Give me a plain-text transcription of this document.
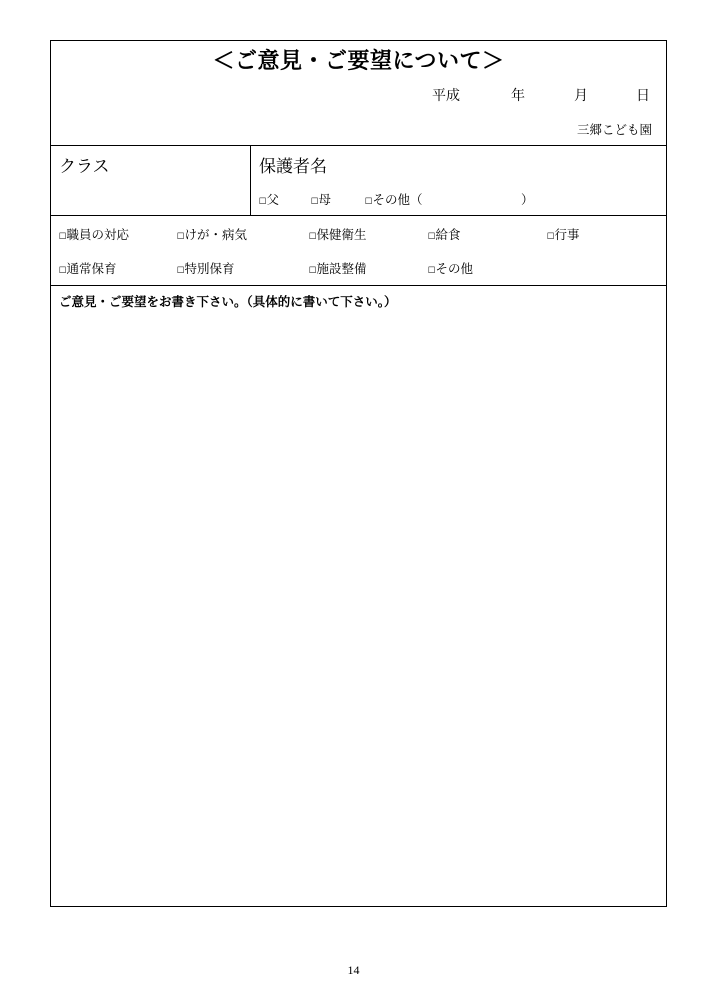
＜ご意見・ご要望について＞
平成	年	月	日
三郷こども園
クラス	保護者名
☐父	☐母	☐その他（	）
☐職員の対応	☐けが・病気	☐保健衛生	☐給食	☐行事
☐通常保育	☐特別保育	☐施設整備	☐その他
ご意見・ご要望をお書き下さい。（具体的に書いて下さい。）
14
